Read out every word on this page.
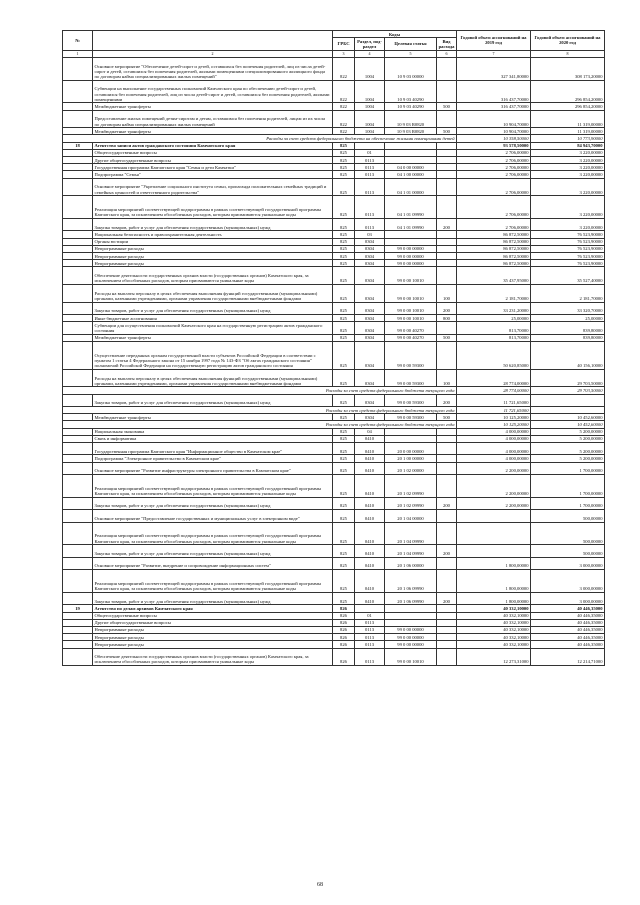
№		Коды				Годовой объем ассигнований на 2019 год	Годовой объем ассигнований на 2020 год
		ГРБС	Раздел, под-раздел	Целевая статья	Вид расхода		
1	2	3	4	5	6	7	8
	Основное мероприятие "Обеспечение детей-сирот и детей, оставшихся без попечения родителей, лиц из числа детей-сирот и детей, оставшихся без попечения родителей, жилыми помещениями специализированного жилищного фонда по договорам найма специализированных жилых помещений"	822	1004	10 9 03 00000		327 341,80000	308 173,20000
	Субвенции на выполнение государственных полномочий Камчатского края по обеспечению детей-сирот и детей, оставшихся без попечения родителей, лиц из числа детей-сирот и детей, оставшихся без попечения родителей, жилыми помещениями	822	1004	10 9 03 40290		316 437,70000	296 854,20000
	Межбюджетные трансферты	822	1004	10 9 03 40290	500	316 437,70000	296 854,20000
	Предоставление жилых помещений детям-сиротам и детям, оставшимся без попечения родителей, лицам из их числа по договорам найма специализированных жилых помещений	822	1004	10 9 03 R0820		10 904,70000	11 319,00000
	Межбюджетные трансферты	822	1004	10 9 03 R0820	500	10 904,70000	11 319,00000
Расходы за счет средств федерального бюджета на обеспечение жилыми помещениями детей						10 358,50000	10 773,90000
18	Агентство записи актов гражданского состояния Камчатского края	825				93 578,50000	84 943,70000
	Общегосударственные вопросы	825	01			2 706,00000	3 220,00000
	Другие общегосударственные вопросы	825	0113			2 706,00000	3 220,00000
	Государственная программа Камчатского края "Семья и дети Камчатки"	825	0113	04 0 00 00000		2 706,00000	3 220,00000
	Подпрограмма "Семья"	825	0113	04 1 00 00000		2 706,00000	3 220,00000
	Основное мероприятие "Укрепление социального института семьи, пропаганда положительных семейных традиций и семейных ценностей и ответственного родительства"	825	0113	04 1 01 00000		2 706,00000	3 220,00000
	Реализация мероприятий соответствующей подпрограммы в рамках соответствующей государственной программы Камчатского края, за исключением обособленных расходов, которым присваиваются уникальные коды	825	0113	04 1 01 09990		2 706,00000	3 220,00000
	Закупка товаров, работ и услуг для обеспечения государственных (муниципальных) нужд	825	0113	04 1 01 09990	200	2 706,00000	3 220,00000
	Национальная безопасность и правоохранительная деятельность	825	03			86 872,50000	76 523,90000
	Органы юстиции	825	0304			86 872,50000	76 523,90000
	Непрограммные расходы	825	0304	99 0 00 00000		86 872,50000	76 523,90000
	Непрограммные расходы	825	0304	99 0 00 00000		86 872,50000	76 523,90000
	Непрограммные расходы	825	0304	99 0 00 00000		86 872,50000	76 523,90000
	Обеспечение деятельности государственных органов власти (государственных органов) Камчатского края, за исключением обособленных расходов, которым присваиваются уникальные коды	825	0304	99 0 00 10010		35 437,95000	35 527,40000
	Расходы на выплаты персоналу в целях обеспечения выполнения функций государственными (муниципальными) органами, казенными учреждениями, органами управления государственными внебюджетными фондами	825	0304	99 0 00 10010	100	2 181,70000	2 181,70000
	Закупка товаров, работ и услуг для обеспечения государственных (муниципальных) нужд	825	0304	99 0 00 10010	200	33 231,20000	33 320,70000
	Иные бюджетные ассигнования	825	0304	99 0 00 10010	800	25,00000	25,00000
	Субвенции для осуществления полномочий Камчатского края на государственную регистрацию актов гражданского состояния	825	0304	99 0 00 40270		813,70000	839,80000
	Межбюджетные трансферты	825	0304	99 0 00 40270	500	813,70000	839,80000
	Осуществление переданных органам государственной власти субъектов Российской Федерации в соответствии с пунктом 1 статьи 4 Федерального закона от 15 ноября 1997 года № 143-ФЗ "Об актах гражданского состояния" полномочий Российской Федерации на государственную регистрацию актов гражданского состояния	825	0304	99 0 00 59300		50 620,85000	40 156,10000
	Расходы на выплаты персоналу в целях обеспечения выполнения функций государственными (муниципальными) органами, казенными учреждениями, органами управления государственными внебюджетными фондами	825	0304	99 0 00 59300	100	28 774,00000	29 703,50000
Расходы за счет средств федерального бюджета текущего года						28 774,00000	29 703,50000
	Закупка товаров, работ и услуг для обеспечения государственных (муниципальных) нужд	825	0304	99 0 00 59300	200	11 721,65000	
Расходы за счет средств федерального бюджета текущего года						11 721,65000	
	Межбюджетные трансферты	825	0304	99 0 00 59300	500	10 125,20000	10 452,60000
Расходы за счет средств федерального бюджета текущего года						10 125,20000	10 452,60000
	Национальная экономика	825	04			4 000,00000	5 200,00000
	Связь и информатика	825	0410			4 000,00000	5 200,00000
	Государственная программа Камчатского края "Информационное общество в Камчатском крае"	825	0410	20 0 00 00000		4 000,00000	5 200,00000
	Подпрограмма "Электронное правительство в Камчатском крае"	825	0410	20 1 00 00000		4 000,00000	5 200,00000
	Основное мероприятие "Развитие инфраструктуры электронного правительства в Камчатском крае"	825	0410	20 1 02 00000		2 200,00000	1 700,00000
	Реализация мероприятий соответствующей подпрограммы в рамках соответствующей государственной программы Камчатского края, за исключением обособленных расходов, которым присваиваются уникальные коды	825	0410	20 1 02 09990		2 200,00000	1 700,00000
	Закупка товаров, работ и услуг для обеспечения государственных (муниципальных) нужд	825	0410	20 1 02 09990	200	2 200,00000	1 700,00000
	Основное мероприятие "Предоставление государственных и муниципальных услуг в электронном виде"	825	0410	20 1 04 00000			500,00000
	Реализация мероприятий соответствующей подпрограммы в рамках соответствующей государственной программы Камчатского края, за исключением обособленных расходов, которым присваиваются уникальные коды	825	0410	20 1 04 09990			500,00000
	Закупка товаров, работ и услуг для обеспечения государственных (муниципальных) нужд	825	0410	20 1 04 09990	200		500,00000
	Основное мероприятие "Развитие, внедрение и сопровождение информационных систем"	825	0410	20 1 06 00000		1 800,00000	3 000,00000
	Реализация мероприятий соответствующей подпрограммы в рамках соответствующей государственной программы Камчатского края, за исключением обособленных расходов, которым присваиваются уникальные коды	825	0410	20 1 06 09990		1 800,00000	3 000,00000
	Закупка товаров, работ и услуг для обеспечения государственных (муниципальных) нужд	825	0410	20 1 06 09990	200	1 800,00000	3 000,00000
19	Агентство по делам архивов Камчатского края	826				40 332,10000	40 446,35000
	Общегосударственные вопросы	826	01			40 332,10000	40 446,35000
	Другие общегосударственные вопросы	826	0113			40 332,10000	40 446,35000
	Непрограммные расходы	826	0113	99 0 00 00000		40 332,10000	40 446,35000
	Непрограммные расходы	826	0113	99 0 00 00000		40 332,10000	40 446,35000
	Непрограммные расходы	826	0113	99 0 00 00000		40 332,10000	40 446,35000
	Обеспечение деятельности государственных органов власти (государственных органов) Камчатского края, за исключением обособленных расходов, которым присваиваются уникальные коды	826	0113	99 0 00 10010		12 273,31000	12 214,71000
68
